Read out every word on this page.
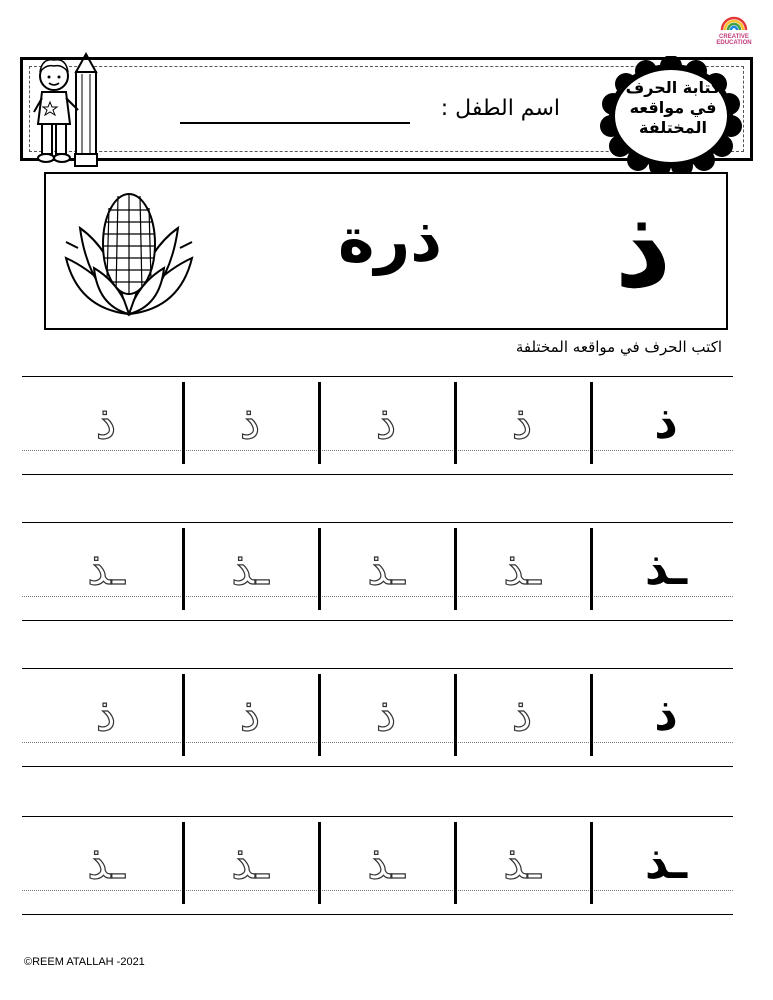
CREATIVE EDUCATION
اسم الطفل :
كتابة الحرف
في مواقعه
المختلفة
ذ
ذرة
اكتب الحرف في مواقعه المختلفة
ذ	ذ	ذ	ذ	ذ
ـذ	ـذ	ـذ	ـذ	ـذ
ذ	ذ	ذ	ذ	ذ
ـذ	ـذ	ـذ	ـذ	ـذ
©REEM ATALLAH -2021
